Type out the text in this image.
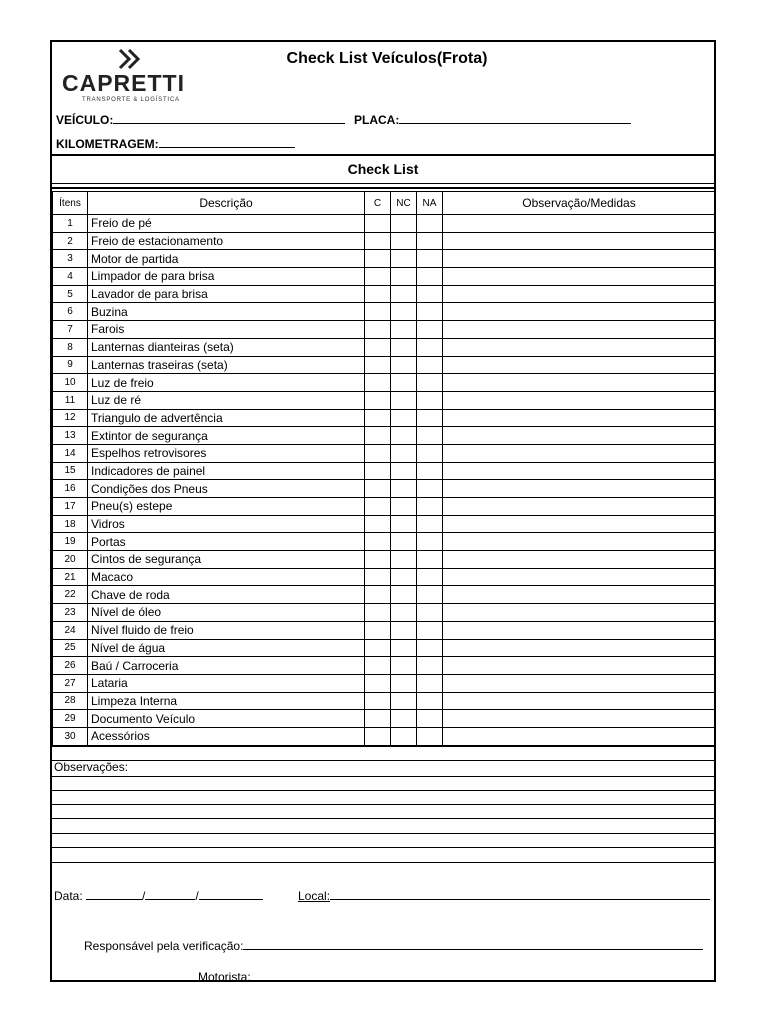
CAPRETTI
TRANSPORTE & LOGÍSTICA
Check List Veículos(Frota)
VEÍCULO:	PLACA:
KILOMETRAGEM:
Check List
Ítens	Descrição	C	NC	NA	Observação/Medidas
1	Freio de pé				
2	Freio de estacionamento				
3	Motor de partida				
4	Limpador de para brisa				
5	Lavador de para brisa				
6	Buzina				
7	Farois				
8	Lanternas dianteiras (seta)				
9	Lanternas traseiras (seta)				
10	Luz de freio				
11	Luz de ré				
12	Triangulo de advertência				
13	Extintor de segurança				
14	Espelhos retrovisores				
15	Indicadores de painel				
16	Condições dos Pneus				
17	Pneu(s) estepe				
18	Vidros				
19	Portas				
20	Cintos de segurança				
21	Macaco				
22	Chave de roda				
23	Nível de óleo				
24	Nível fluido de freio				
25	Nível de água				
26	Baú / Carroceria				
27	Lataria				
28	Limpeza Interna				
29	Documento Veículo				
30	Acessórios				
Observações:
Data:	/	/	Local:
Responsável pela verificação:
Motorista:
